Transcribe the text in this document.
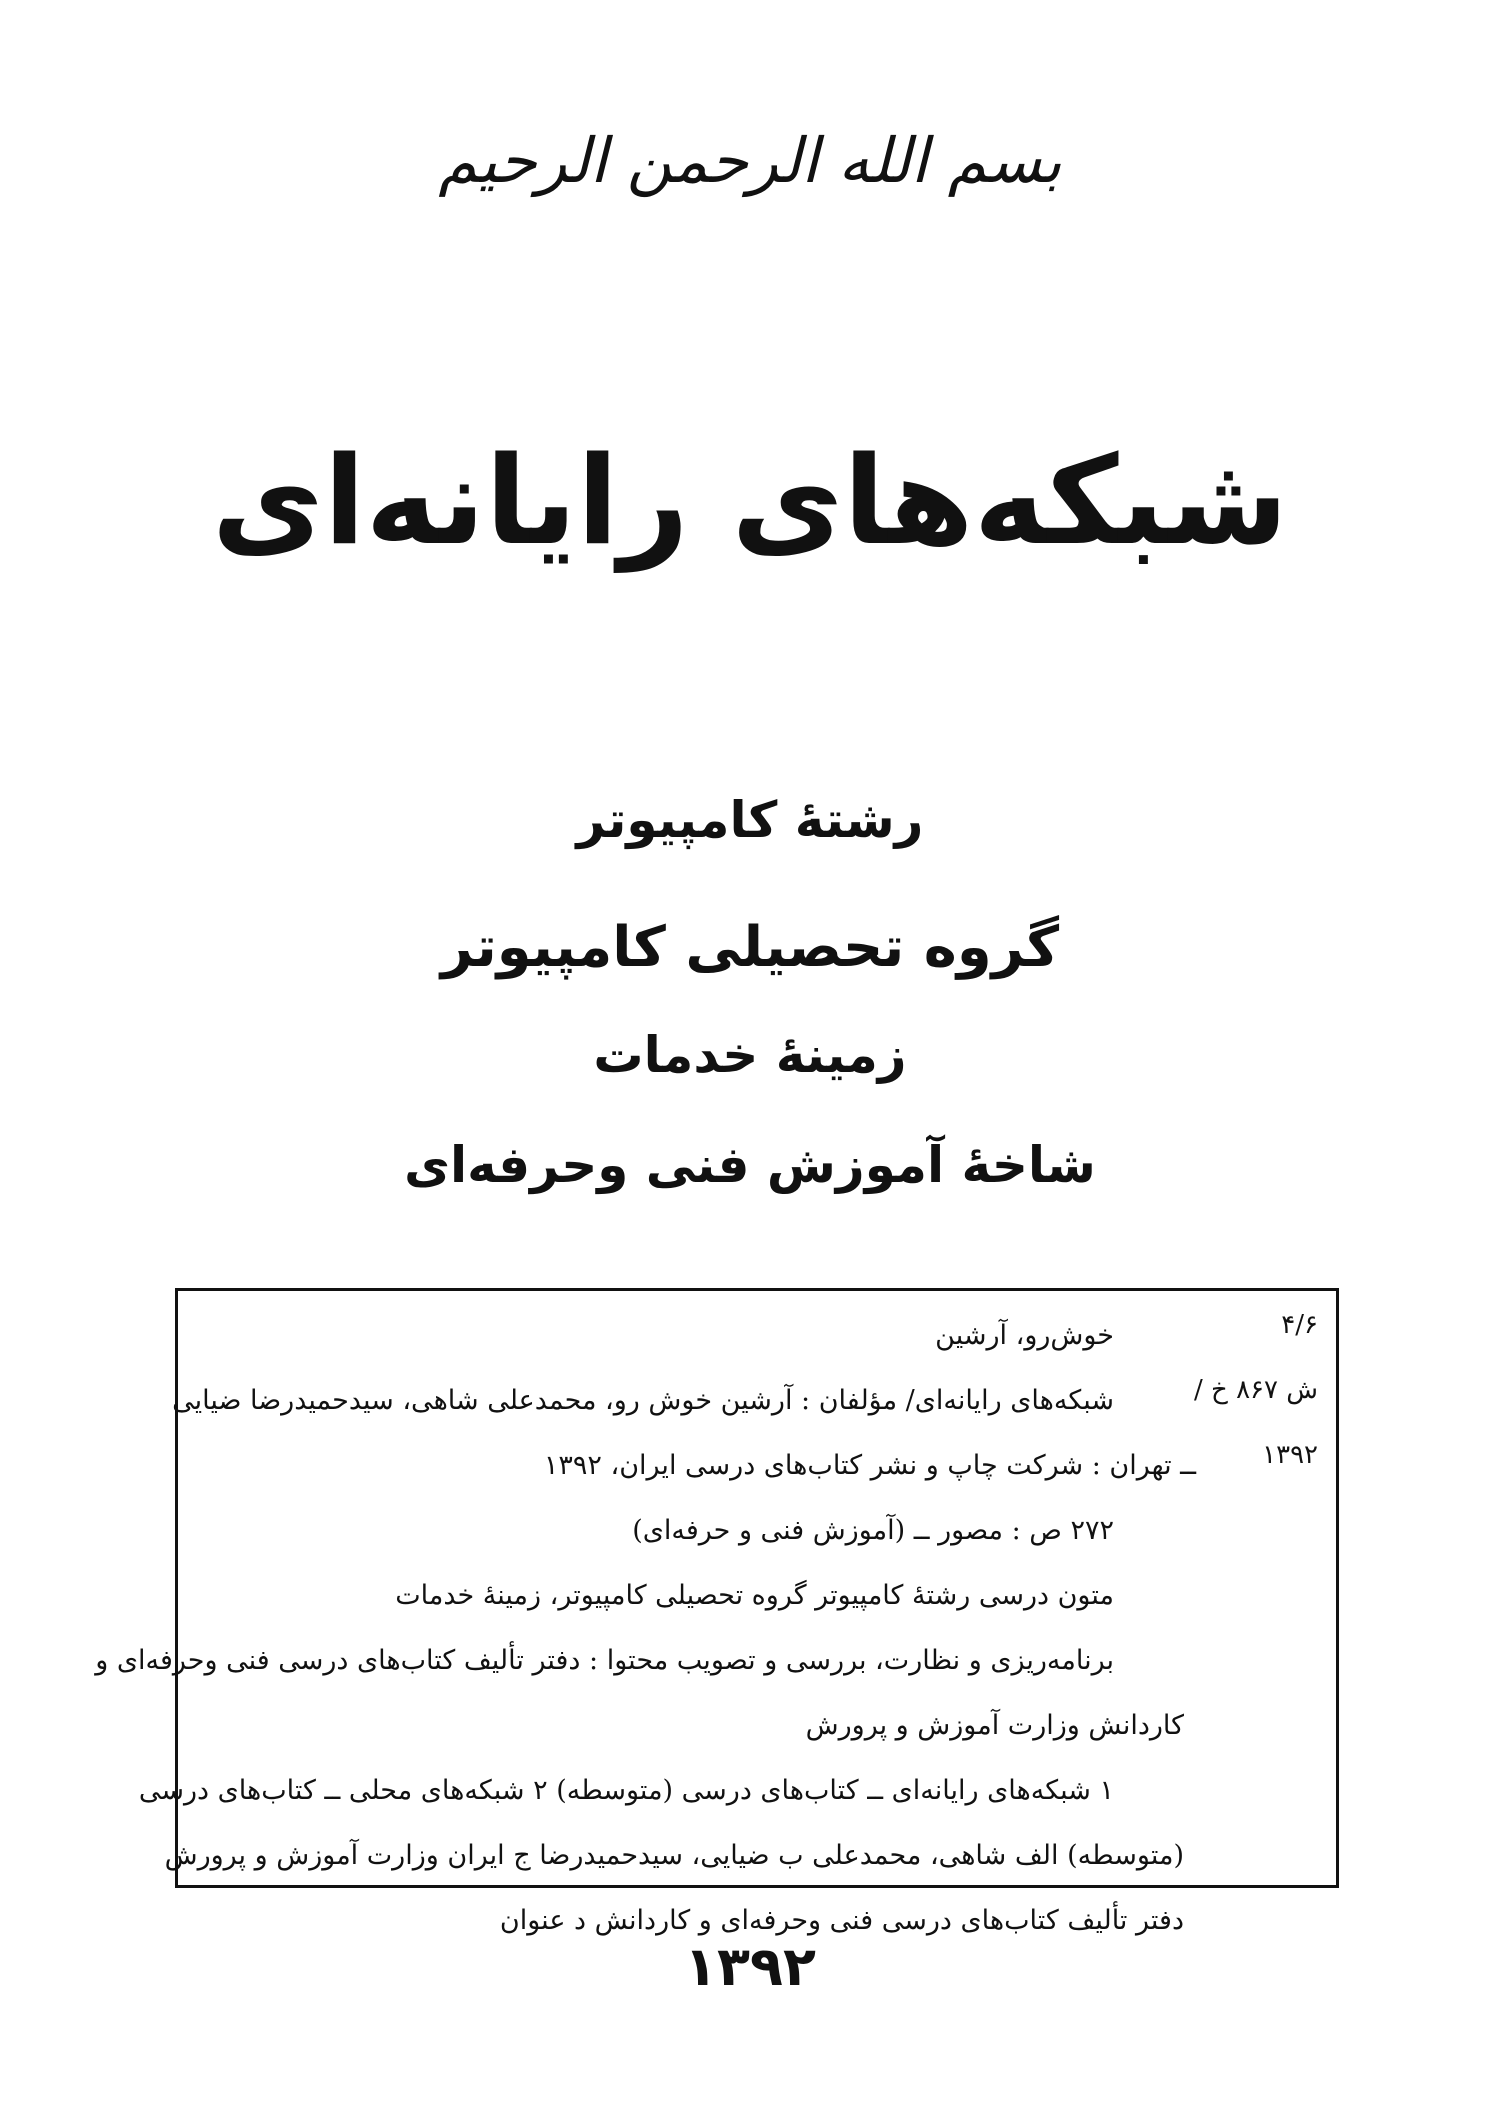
بسم الله الرحمن الرحیم
شبکه‌های رایانه‌ای
رشتۀ کامپیوتر
گروه تحصیلی کامپیوتر
زمینۀ خدمات
شاخۀ آموزش فنی وحرفه‌ای
۴/۶
ش ۸۶۷ خ /
۱۳۹۲
خوش‌رو، آرشین
شبکه‌های رایانه‌ای/ مؤلفان : آرشین خوش رو، محمدعلی شاهی، سیدحمیدرضا ضیایی
ــ تهران : شرکت چاپ و نشر کتاب‌های درسی ایران، ۱۳۹۲
۲۷۲ ص : مصور ــ (آموزش فنی و حرفه‌ای)
متون درسی رشتۀ کامپیوتر گروه تحصیلی کامپیوتر، زمینۀ خدمات
برنامه‌ریزی و نظارت، بررسی و تصویب محتوا : دفتر تألیف کتاب‌های درسی فنی وحرفه‌ای و
کاردانش وزارت آموزش و پرورش
۱ شبکه‌های رایانه‌ای ــ کتاب‌های درسی (متوسطه) ۲ شبکه‌های محلی ــ کتاب‌های درسی
(متوسطه) الف شاهی، محمدعلی ب ضیایی، سیدحمیدرضا ج ایران وزارت آموزش و پرورش
دفتر تألیف کتاب‌های درسی فنی وحرفه‌ای و کاردانش د عنوان
۱۳۹۲
